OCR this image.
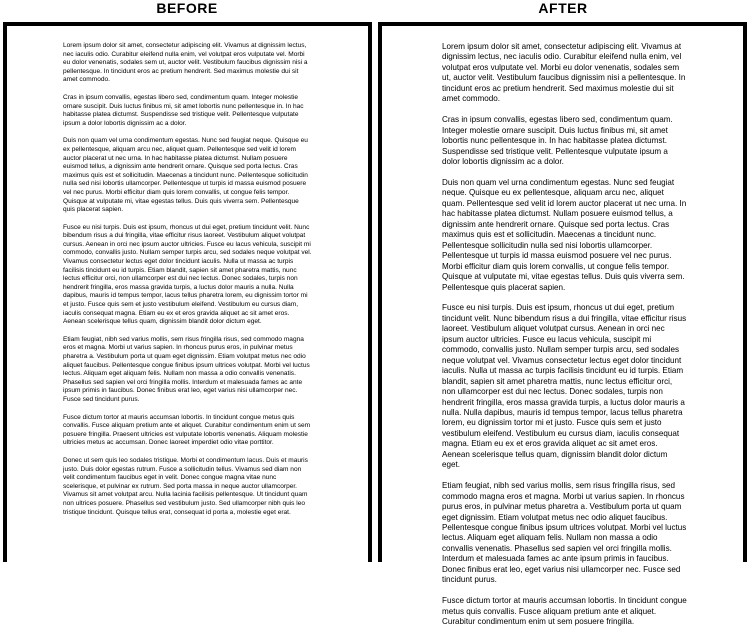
BEFORE

Lorem ipsum dolor sit amet, consectetur adipiscing elit. Vivamus at dignissim lectus, nec iaculis odio. Curabitur eleifend nulla enim, vel volutpat eros vulputate vel. Morbi eu dolor venenatis, sodales sem ut, auctor velit. Vestibulum faucibus dignissim nisi a pellentesque. In tincidunt eros ac pretium hendrerit. Sed maximus molestie dui sit amet commodo.

Cras in ipsum convallis, egestas libero sed, condimentum quam. Integer molestie ornare suscipit. Duis luctus finibus mi, sit amet lobortis nunc pellentesque in. In hac habitasse platea dictumst. Suspendisse sed tristique velit. Pellentesque vulputate ipsum a dolor lobortis dignissim ac a dolor.

Duis non quam vel urna condimentum egestas. Nunc sed feugiat neque. Quisque eu ex pellentesque, aliquam arcu nec, aliquet quam. Pellentesque sed velit id lorem auctor placerat ut nec urna. In hac habitasse platea dictumst. Nullam posuere euismod tellus, a dignissim ante hendrerit ornare. Quisque sed porta lectus. Cras maximus quis est et sollicitudin. Maecenas a tincidunt nunc. Pellentesque sollicitudin nulla sed nisi lobortis ullamcorper. Pellentesque ut turpis id massa euismod posuere vel nec purus. Morbi efficitur diam quis lorem convallis, ut congue felis tempor. Quisque at vulputate mi, vitae egestas tellus. Duis quis viverra sem. Pellentesque quis placerat sapien.

Fusce eu nisi turpis. Duis est ipsum, rhoncus ut dui eget, pretium tincidunt velit. Nunc bibendum risus a dui fringilla, vitae efficitur risus laoreet. Vestibulum aliquet volutpat cursus. Aenean in orci nec ipsum auctor ultricies. Fusce eu lacus vehicula, suscipit mi commodo, convallis justo. Nullam semper turpis arcu, sed sodales neque volutpat vel. Vivamus consectetur lectus eget dolor tincidunt iaculis. Nulla ut massa ac turpis facilisis tincidunt eu id turpis. Etiam blandit, sapien sit amet pharetra mattis, nunc lectus efficitur orci, non ullamcorper est dui nec lectus. Donec sodales, turpis non hendrerit fringilla, eros massa gravida turpis, a luctus dolor mauris a nulla. Nulla dapibus, mauris id tempus tempor, lacus tellus pharetra lorem, eu dignissim tortor mi et justo. Fusce quis sem et justo vestibulum eleifend. Vestibulum eu cursus diam, iaculis consequat magna. Etiam eu ex et eros gravida aliquet ac sit amet eros. Aenean scelerisque tellus quam, dignissim blandit dolor dictum eget.

Etiam feugiat, nibh sed varius mollis, sem risus fringilla risus, sed commodo magna eros et magna. Morbi ut varius sapien. In rhoncus purus eros, in pulvinar metus pharetra a. Vestibulum porta ut quam eget dignissim. Etiam volutpat metus nec odio aliquet faucibus. Pellentesque congue finibus ipsum ultrices volutpat. Morbi vel luctus lectus. Aliquam eget aliquam felis. Nullam non massa a odio convallis venenatis. Phasellus sed sapien vel orci fringilla mollis. Interdum et malesuada fames ac ante ipsum primis in faucibus. Donec finibus erat leo, eget varius nisi ullamcorper nec. Fusce sed tincidunt purus.

Fusce dictum tortor at mauris accumsan lobortis. In tincidunt congue metus quis convallis. Fusce aliquam pretium ante et aliquet. Curabitur condimentum enim ut sem posuere fringilla. Praesent ultricies est vulputate lobortis venenatis. Aliquam molestie ultricies metus ac accumsan. Donec laoreet imperdiet odio vitae porttitor.

Donec ut sem quis leo sodales tristique. Morbi et condimentum lacus. Duis et mauris justo. Duis dolor egestas rutrum. Fusce a sollicitudin tellus. Vivamus sed diam non velit condimentum faucibus eget in velit. Donec congue magna vitae nunc scelerisque, et pulvinar ex rutrum. Sed porta massa in neque auctor ullamcorper. Vivamus sit amet volutpat arcu. Nulla lacinia facilisis pellentesque. Ut tincidunt quam non ultrices posuere. Phasellus sed vestibulum justo. Sed ullamcorper nibh quis leo tristique tincidunt. Quisque tellus erat, consequat id porta a, molestie eget erat.

AFTER

Lorem ipsum dolor sit amet, consectetur adipiscing elit. Vivamus at dignissim lectus, nec iaculis odio. Curabitur eleifend nulla enim, vel volutpat eros vulputate vel. Morbi eu dolor venenatis, sodales sem ut, auctor velit. Vestibulum faucibus dignissim nisi a pellentesque. In tincidunt eros ac pretium hendrerit. Sed maximus molestie dui sit amet commodo.

Cras in ipsum convallis, egestas libero sed, condimentum quam. Integer molestie ornare suscipit. Duis luctus finibus mi, sit amet lobortis nunc pellentesque in. In hac habitasse platea dictumst. Suspendisse sed tristique velit. Pellentesque vulputate ipsum a dolor lobortis dignissim ac a dolor.

Duis non quam vel urna condimentum egestas. Nunc sed feugiat neque. Quisque eu ex pellentesque, aliquam arcu nec, aliquet quam. Pellentesque sed velit id lorem auctor placerat ut nec urna. In hac habitasse platea dictumst. Nullam posuere euismod tellus, a dignissim ante hendrerit ornare. Quisque sed porta lectus. Cras maximus quis est et sollicitudin. Maecenas a tincidunt nunc. Pellentesque sollicitudin nulla sed nisi lobortis ullamcorper. Pellentesque ut turpis id massa euismod posuere vel nec purus. Morbi efficitur diam quis lorem convallis, ut congue felis tempor. Quisque at vulputate mi, vitae egestas tellus. Duis quis viverra sem. Pellentesque quis placerat sapien.

Fusce eu nisi turpis. Duis est ipsum, rhoncus ut dui eget, pretium tincidunt velit. Nunc bibendum risus a dui fringilla, vitae efficitur risus laoreet. Vestibulum aliquet volutpat cursus. Aenean in orci nec ipsum auctor ultricies. Fusce eu lacus vehicula, suscipit mi commodo, convallis justo. Nullam semper turpis arcu, sed sodales neque volutpat vel. Vivamus consectetur lectus eget dolor tincidunt iaculis. Nulla ut massa ac turpis facilisis tincidunt eu id turpis. Etiam blandit, sapien sit amet pharetra mattis, nunc lectus efficitur orci, non ullamcorper est dui nec lectus. Donec sodales, turpis non hendrerit fringilla, eros massa gravida turpis, a luctus dolor mauris a nulla. Nulla dapibus, mauris id tempus tempor, lacus tellus pharetra lorem, eu dignissim tortor mi et justo. Fusce quis sem et justo vestibulum eleifend. Vestibulum eu cursus diam, iaculis consequat magna. Etiam eu ex et eros gravida aliquet ac sit amet eros. Aenean scelerisque tellus quam, dignissim blandit dolor dictum eget.

Etiam feugiat, nibh sed varius mollis, sem risus fringilla risus, sed commodo magna eros et magna. Morbi ut varius sapien. In rhoncus purus eros, in pulvinar metus pharetra a. Vestibulum porta ut quam eget dignissim. Etiam volutpat metus nec odio aliquet faucibus. Pellentesque congue finibus ipsum ultrices volutpat. Morbi vel luctus lectus. Aliquam eget aliquam felis. Nullam non massa a odio convallis venenatis. Phasellus sed sapien vel orci fringilla mollis. Interdum et malesuada fames ac ante ipsum primis in faucibus. Donec finibus erat leo, eget varius nisi ullamcorper nec. Fusce sed tincidunt purus.

Fusce dictum tortor at mauris accumsan lobortis. In tincidunt congue metus quis convallis. Fusce aliquam pretium ante et aliquet. Curabitur condimentum enim ut sem posuere fringilla.
